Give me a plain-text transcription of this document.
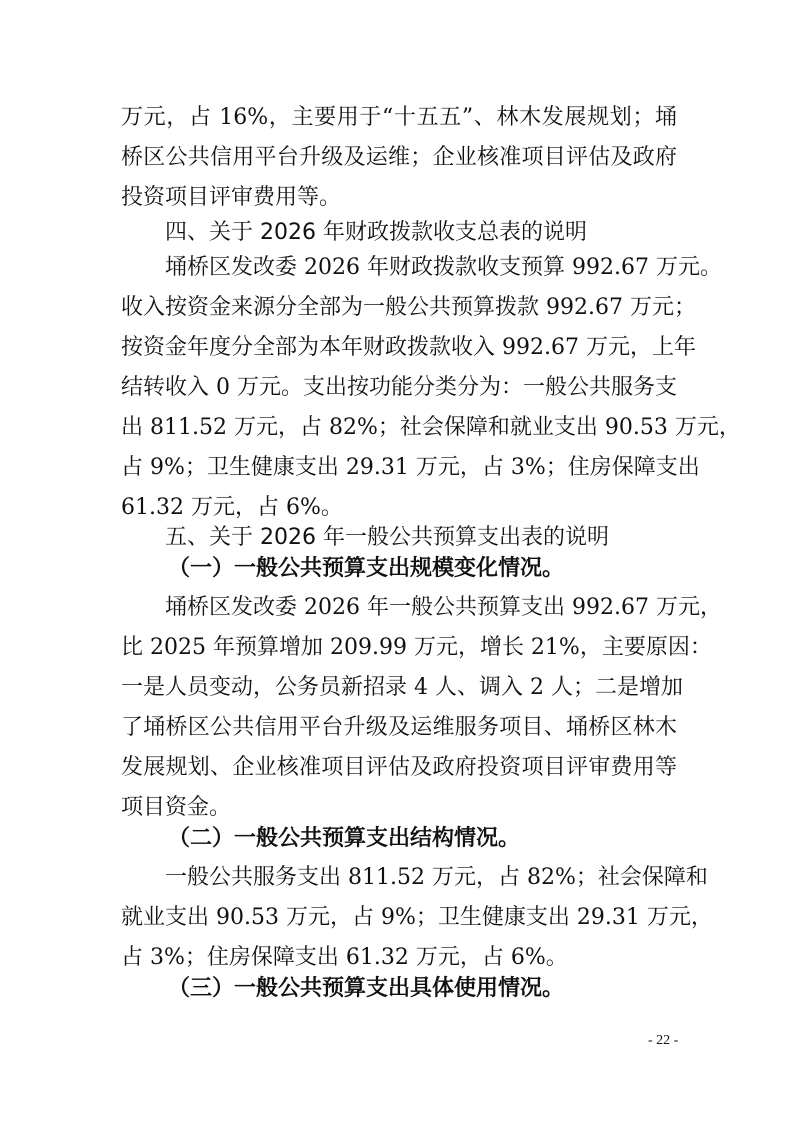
万元，占 16%，主要用于“十五五”、林木发展规划；埇
桥区公共信用平台升级及运维；企业核准项目评估及政府
投资项目评审费用等。
四、关于 2026 年财政拨款收支总表的说明
埇桥区发改委 2026 年财政拨款收支预算 992.67 万元。
收入按资金来源分全部为一般公共预算拨款 992.67 万元；
按资金年度分全部为本年财政拨款收入 992.67 万元，上年
结转收入 0 万元。支出按功能分类分为：一般公共服务支
出 811.52 万元，占 82%；社会保障和就业支出 90.53 万元，
占 9%；卫生健康支出 29.31 万元，占 3%；住房保障支出
61.32 万元，占 6%。
五、关于 2026 年一般公共预算支出表的说明
（一）一般公共预算支出规模变化情况。
埇桥区发改委 2026 年一般公共预算支出 992.67 万元，
比 2025 年预算增加 209.99 万元，增长 21%，主要原因：
一是人员变动，公务员新招录 4 人、调入 2 人；二是增加
了埇桥区公共信用平台升级及运维服务项目、埇桥区林木
发展规划、企业核准项目评估及政府投资项目评审费用等
项目资金。
（二）一般公共预算支出结构情况。
一般公共服务支出 811.52 万元，占 82%；社会保障和
就业支出 90.53 万元，占 9%；卫生健康支出 29.31 万元，
占 3%；住房保障支出 61.32 万元，占 6%。
（三）一般公共预算支出具体使用情况。
- 22 -
